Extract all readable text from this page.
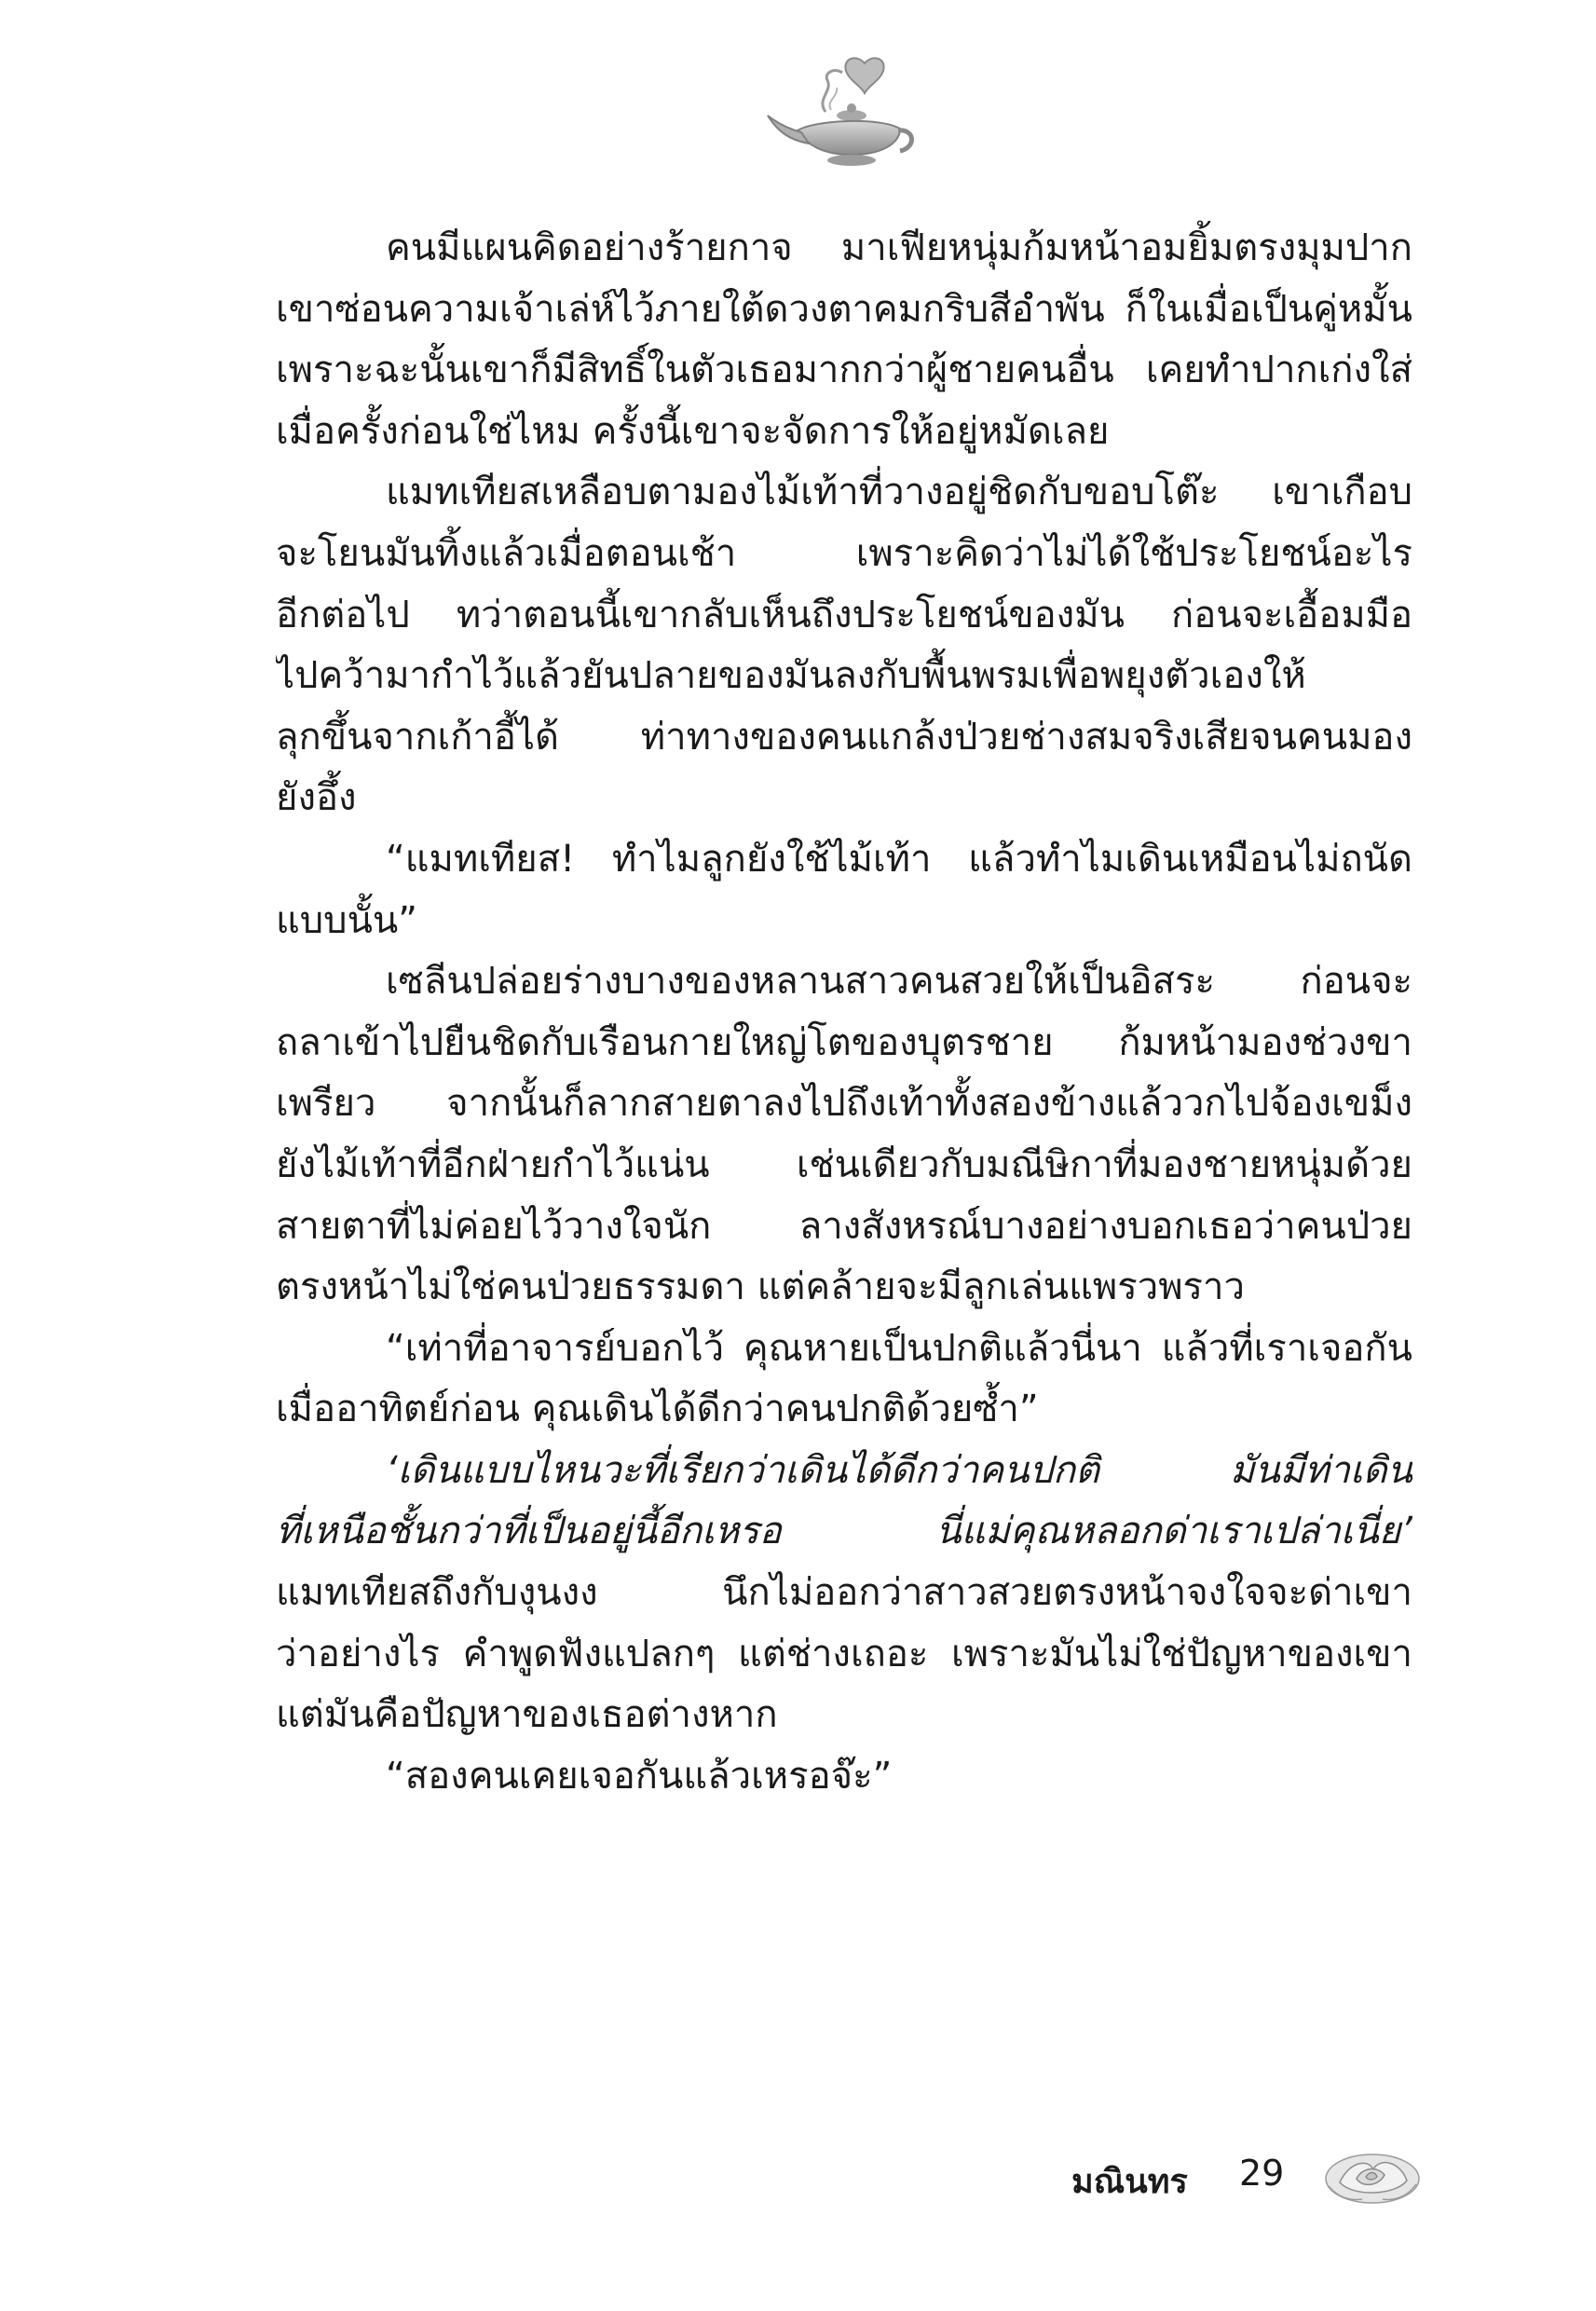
คนมีแผนคิดอย่างร้ายกาจ มาเฟียหนุ่มก้มหน้าอมยิ้มตรงมุมปาก
เขาซ่อนความเจ้าเล่ห์ไว้ภายใต้ดวงตาคมกริบสีอำพัน ก็ในเมื่อเป็นคู่หมั้น
เพราะฉะนั้นเขาก็มีสิทธิ์ในตัวเธอมากกว่าผู้ชายคนอื่น เคยทำปากเก่งใส่
เมื่อครั้งก่อนใช่ไหม ครั้งนี้เขาจะจัดการให้อยู่หมัดเลย
แมทเทียสเหลือบตามองไม้เท้าที่วางอยู่ชิดกับขอบโต๊ะ เขาเกือบ
จะโยนมันทิ้งแล้วเมื่อตอนเช้า เพราะคิดว่าไม่ได้ใช้ประโยชน์อะไร
อีกต่อไป ทว่าตอนนี้เขากลับเห็นถึงประโยชน์ของมัน ก่อนจะเอื้อมมือ
ไปคว้ามากำไว้แล้วยันปลายของมันลงกับพื้นพรมเพื่อพยุงตัวเองให้
ลุกขึ้นจากเก้าอี้ได้ ท่าทางของคนแกล้งป่วยช่างสมจริงเสียจนคนมอง
ยังอึ้ง
“แมทเทียส! ทำไมลูกยังใช้ไม้เท้า แล้วทำไมเดินเหมือนไม่ถนัด
แบบนั้น”
เซลีนปล่อยร่างบางของหลานสาวคนสวยให้เป็นอิสระ ก่อนจะ
ถลาเข้าไปยืนชิดกับเรือนกายใหญ่โตของบุตรชาย ก้มหน้ามองช่วงขา
เพรียว จากนั้นก็ลากสายตาลงไปถึงเท้าทั้งสองข้างแล้ววกไปจ้องเขม็ง
ยังไม้เท้าที่อีกฝ่ายกำไว้แน่น เช่นเดียวกับมณีษิกาที่มองชายหนุ่มด้วย
สายตาที่ไม่ค่อยไว้วางใจนัก ลางสังหรณ์บางอย่างบอกเธอว่าคนป่วย
ตรงหน้าไม่ใช่คนป่วยธรรมดา แต่คล้ายจะมีลูกเล่นแพรวพราว
“เท่าที่อาจารย์บอกไว้ คุณหายเป็นปกติแล้วนี่นา แล้วที่เราเจอกัน
เมื่ออาทิตย์ก่อน คุณเดินได้ดีกว่าคนปกติด้วยซ้ำ”
‘เดินแบบไหนวะที่เรียกว่าเดินได้ดีกว่าคนปกติ มันมีท่าเดิน
ที่เหนือชั้นกว่าที่เป็นอยู่นี้อีกเหรอ นี่แม่คุณหลอกด่าเราเปล่าเนี่ย’
แมทเทียสถึงกับงุนงง นึกไม่ออกว่าสาวสวยตรงหน้าจงใจจะด่าเขา
ว่าอย่างไร คำพูดฟังแปลกๆ แต่ช่างเถอะ เพราะมันไม่ใช่ปัญหาของเขา
แต่มันคือปัญหาของเธอต่างหาก
“สองคนเคยเจอกันแล้วเหรอจ๊ะ”
มณินทร 29
